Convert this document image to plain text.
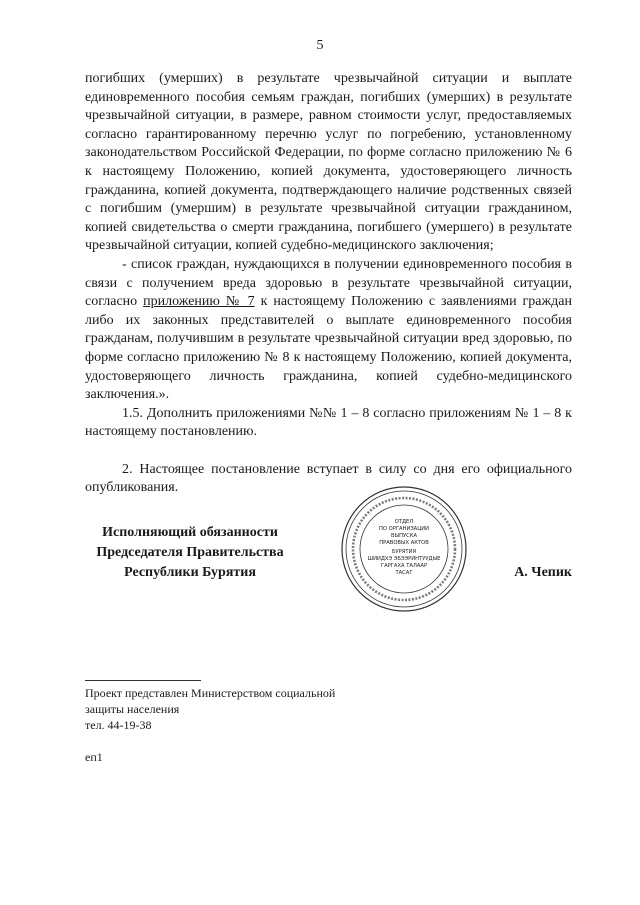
5

погибших (умерших) в результате чрезвычайной ситуации и выплате единовременного пособия семьям граждан, погибших (умерших) в результате чрезвычайной ситуации, в размере, равном стоимости услуг, предоставляемых согласно гарантированному перечню услуг по погребению, установленному законодательством Российской Федерации, по форме согласно приложению № 6 к настоящему Положению, копией документа, удостоверяющего личность гражданина, копией документа, подтверждающего наличие родственных связей с погибшим (умершим) в результате чрезвычайной ситуации гражданином, копией свидетельства о смерти гражданина, погибшего (умершего) в результате чрезвычайной ситуации, копией судебно-медицинского заключения;

- список граждан, нуждающихся в получении единовременного пособия в связи с получением вреда здоровью в результате чрезвычайной ситуации, согласно приложению № 7 к настоящему Положению с заявлениями граждан либо их законных представителей о выплате единовременного пособия гражданам, получившим в результате чрезвычайной ситуации вред здоровью, по форме согласно приложению № 8 к настоящему Положению, копией документа, удостоверяющего личность гражданина, копией судебно-медицинского заключения.».

1.5. Дополнить приложениями №№ 1 – 8 согласно приложениям № 1 – 8 к настоящему постановлению.

2. Настоящее постановление вступает в силу со дня его официального опубликования.

Исполняющий обязанности
Председателя Правительства
Республики Бурятия	А. Чепик
ОТДЕЛ
ПО ОРГАНИЗАЦИИ
ВЫПУСКА
ПРАВОВЫХ АКТОВ
БУРЯТИЯ
ШИИДХЭ ЭБЭЭРИНТУУДЫЕ
ГАРГАХА ТАЛААР
ТАСАГ
Проект представлен Министерством социальной
защиты населения
тел. 44-19-38
еп1
